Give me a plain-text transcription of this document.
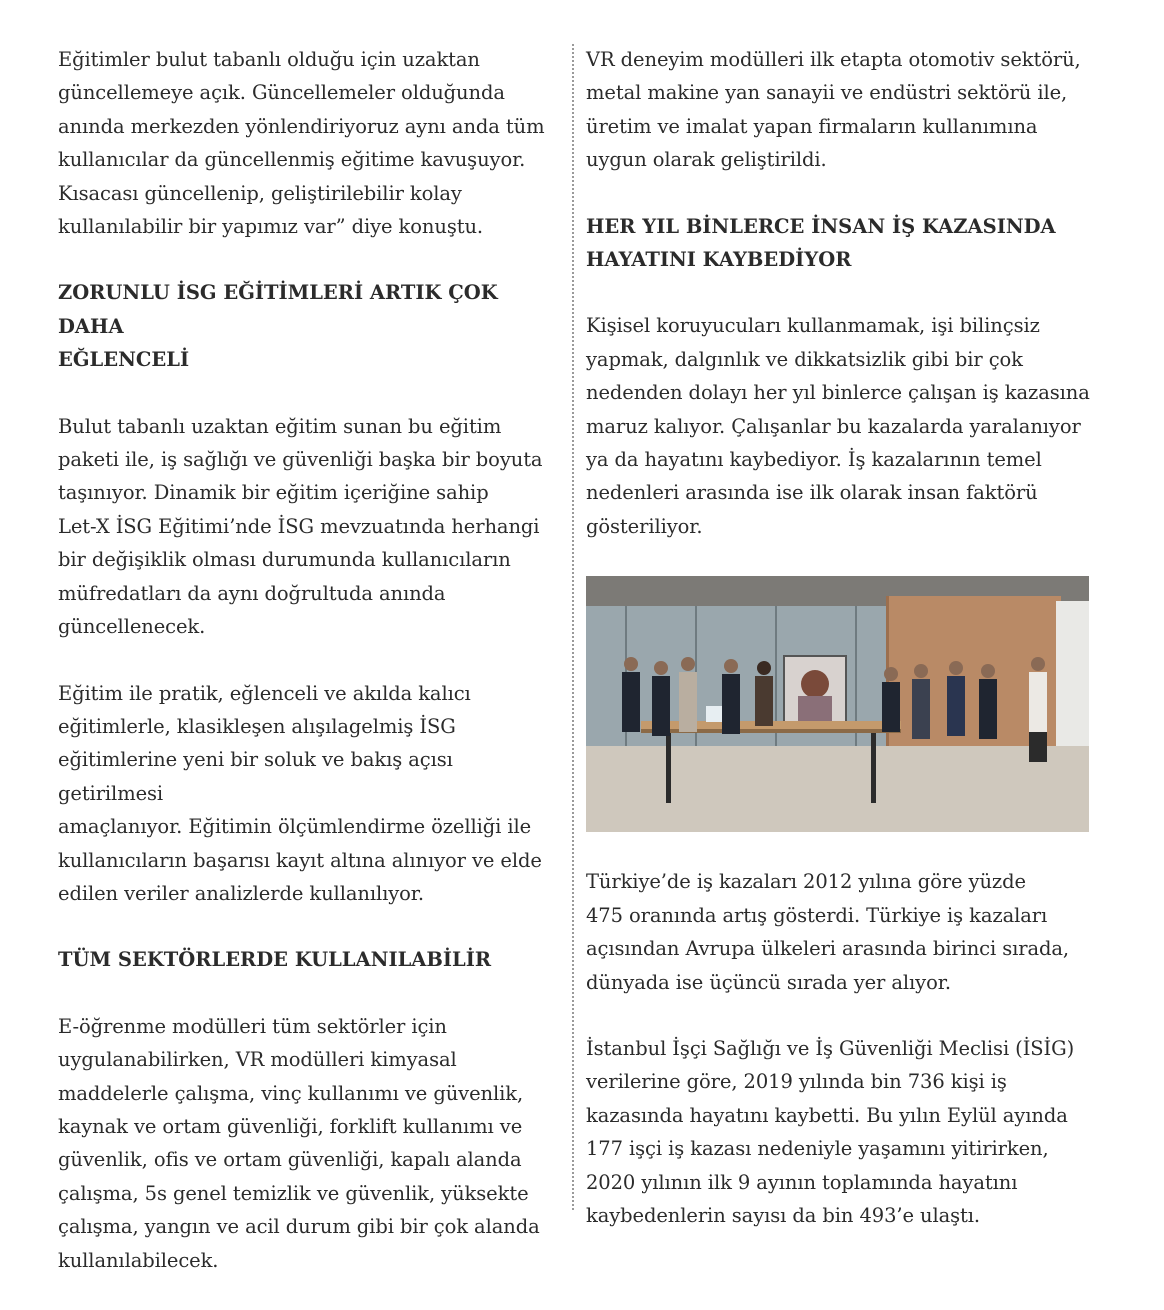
Eğitimler bulut tabanlı olduğu için uzaktan
güncellemeye açık. Güncellemeler olduğunda
anında merkezden yönlendiriyoruz aynı anda tüm
kullanıcılar da güncellenmiş eğitime kavuşuyor.
Kısacası güncellenip, geliştirilebilir kolay
kullanılabilir bir yapımız var” diye konuştu.

ZORUNLU İSG EĞİTİMLERİ ARTIK ÇOK DAHA
EĞLENCELİ

Bulut tabanlı uzaktan eğitim sunan bu eğitim
paketi ile, iş sağlığı ve güvenliği başka bir boyuta
taşınıyor. Dinamik bir eğitim içeriğine sahip
Let-X İSG Eğitimi’nde İSG mevzuatında herhangi
bir değişiklik olması durumunda kullanıcıların
müfredatları da aynı doğrultuda anında
güncellenecek.

Eğitim ile pratik, eğlenceli ve akılda kalıcı
eğitimlerle, klasikleşen alışılagelmiş İSG
eğitimlerine yeni bir soluk ve bakış açısı getirilmesi
amaçlanıyor. Eğitimin ölçümlendirme özelliği ile
kullanıcıların başarısı kayıt altına alınıyor ve elde
edilen veriler analizlerde kullanılıyor.

TÜM SEKTÖRLERDE KULLANILABİLİR

E-öğrenme modülleri tüm sektörler için
uygulanabilirken, VR modülleri kimyasal
maddelerle çalışma, vinç kullanımı ve güvenlik,
kaynak ve ortam güvenliği, forklift kullanımı ve
güvenlik, ofis ve ortam güvenliği, kapalı alanda
çalışma, 5s genel temizlik ve güvenlik, yüksekte
çalışma, yangın ve acil durum gibi bir çok alanda
kullanılabilecek.

VR deneyim modülleri ilk etapta otomotiv sektörü,
metal makine yan sanayii ve endüstri sektörü ile,
üretim ve imalat yapan firmaların kullanımına
uygun olarak geliştirildi.

HER YIL BİNLERCE İNSAN İŞ KAZASINDA
HAYATINI KAYBEDİYOR

Kişisel koruyucuları kullanmamak, işi bilinçsiz
yapmak, dalgınlık ve dikkatsizlik gibi bir çok
nedenden dolayı her yıl binlerce çalışan iş kazasına
maruz kalıyor. Çalışanlar bu kazalarda yaralanıyor
ya da hayatını kaybediyor. İş kazalarının temel
nedenleri arasında ise ilk olarak insan faktörü
gösteriliyor.

Türkiye’de iş kazaları 2012 yılına göre yüzde
475 oranında artış gösterdi. Türkiye iş kazaları
açısından Avrupa ülkeleri arasında birinci sırada,
dünyada ise üçüncü sırada yer alıyor.

İstanbul İşçi Sağlığı ve İş Güvenliği Meclisi (İSİG)
verilerine göre, 2019 yılında bin 736 kişi iş
kazasında hayatını kaybetti. Bu yılın Eylül ayında
177 işçi iş kazası nedeniyle yaşamını yitirirken,
2020 yılının ilk 9 ayının toplamında hayatını
kaybedenlerin sayısı da bin 493’e ulaştı.
